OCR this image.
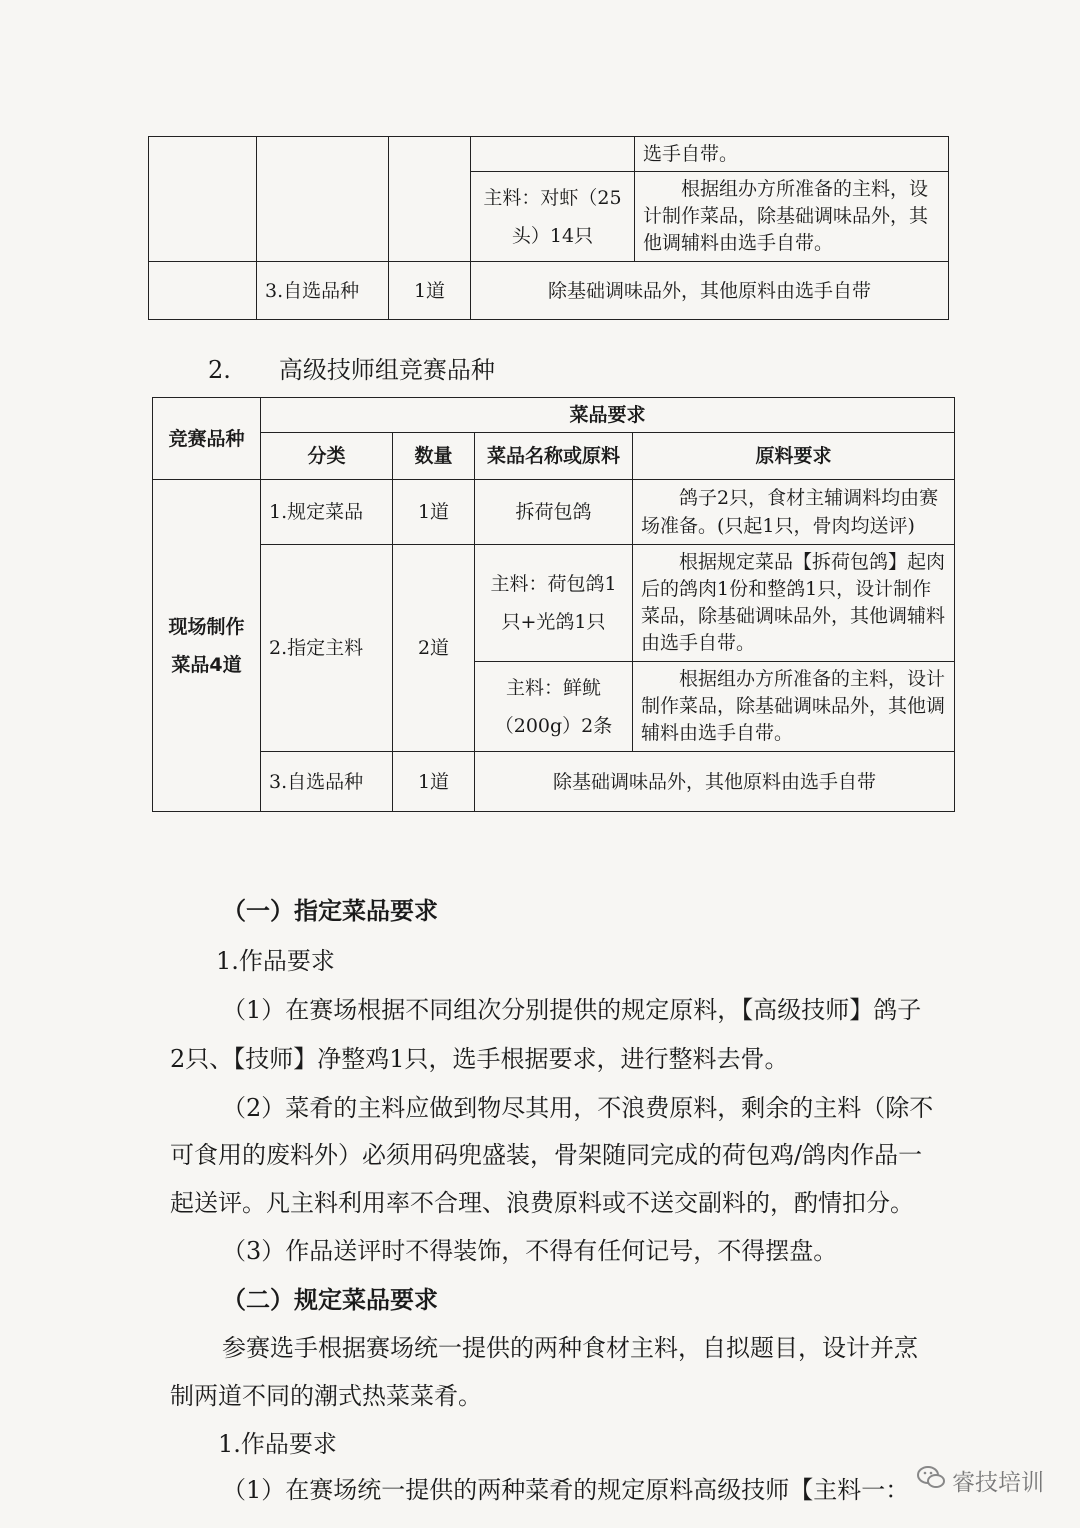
				选手自带。
			主料：对虾（25头）14只	根据组办方所准备的主料，设计制作菜品，除基础调味品外，其他调辅料由选手自带。
	3.自选品种	1道	除基础调味品外，其他原料由选手自带	
2.　　高级技师组竞赛品种
竞赛品种	菜品要求			
	分类	数量	菜品名称或原料	原料要求
现场制作菜品4道	1.规定菜品	1道	拆荷包鸽	鸽子2只，食材主辅调料均由赛场准备。(只起1只，骨肉均送评)
	2.指定主料	2道	主料：荷包鸽1只+光鸽1只	根据规定菜品【拆荷包鸽】起肉后的鸽肉1份和整鸽1只，设计制作菜品，除基础调味品外，其他调辅料由选手自带。
			主料：鲜鱿（200g）2条	根据组办方所准备的主料，设计制作菜品，除基础调味品外，其他调辅料由选手自带。
	3.自选品种	1道	除基础调味品外，其他原料由选手自带	
（一）指定菜品要求
1.作品要求
（1）在赛场根据不同组次分别提供的规定原料，【高级技师】鸽子
2只、【技师】净整鸡1只，选手根据要求，进行整料去骨。
（2）菜肴的主料应做到物尽其用，不浪费原料，剩余的主料（除不
可食用的废料外）必须用码兜盛装，骨架随同完成的荷包鸡/鸽肉作品一
起送评。凡主料利用率不合理、浪费原料或不送交副料的，酌情扣分。
（3）作品送评时不得装饰，不得有任何记号，不得摆盘。
（二）规定菜品要求
参赛选手根据赛场统一提供的两种食材主料，自拟题目，设计并烹
制两道不同的潮式热菜菜肴。
1.作品要求
（1）在赛场统一提供的两种菜肴的规定原料高级技师【主料一： 睿技培训
